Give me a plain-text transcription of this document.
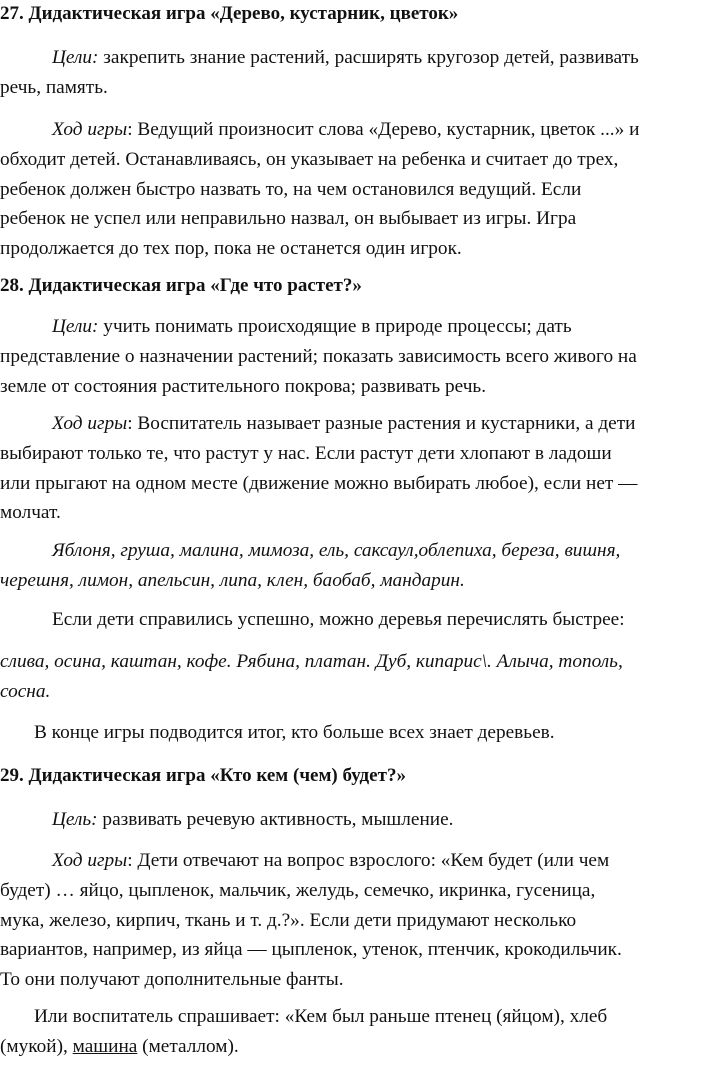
27. Дидактическая игра «Дерево, кустарник, цветок»

Цели: закрепить знание растений, расширять кругозор детей, развивать
речь, память.

Ход игры: Ведущий произносит слова «Дерево, кустарник, цветок ...» и
обходит детей. Останавливаясь, он указывает на ребенка и считает до трех,
ребенок должен быстро назвать то, на чем остановился ведущий. Если
ребенок не успел или неправильно назвал, он выбывает из игры. Игра
продолжается до тех пор, пока не останется один игрок.

28. Дидактическая игра «Где что растет?»

Цели: учить понимать происходящие в природе процессы; дать
представление о назначении растений; показать зависимость всего живого на
земле от состояния растительного покрова; развивать речь.

Ход игры: Воспитатель называет разные растения и кустарники, а дети
выбирают только те, что растут у нас. Если растут дети хлопают в ладоши
или прыгают на одном месте (движение можно выбирать любое), если нет —
молчат.

Яблоня, груша, малина, мимоза, ель, саксаул,облепиха, береза, вишня,
черешня, лимон, апельсин, липа, клен, баобаб, мандарин.

Если дети справились успешно, можно деревья перечислять быстрее:

слива, осина, каштан, кофе. Рябина, платан. Дуб, кипарис\. Алыча, тополь,
сосна.

В конце игры подводится итог, кто больше всех знает деревьев.

29. Дидактическая игра «Кто кем (чем) будет?»

Цель: развивать речевую активность, мышление.

Ход игры: Дети отвечают на вопрос взрослого: «Кем будет (или чем
будет) … яйцо, цыпленок, мальчик, желудь, семечко, икринка, гусеница,
мука, железо, кирпич, ткань и т. д.?». Если дети придумают несколько
вариантов, например, из яйца — цыпленок, утенок, птенчик, крокодильчик.
То они получают дополнительные фанты.

Или воспитатель спрашивает: «Кем был раньше птенец (яйцом), хлеб
(мукой), машина (металлом).
